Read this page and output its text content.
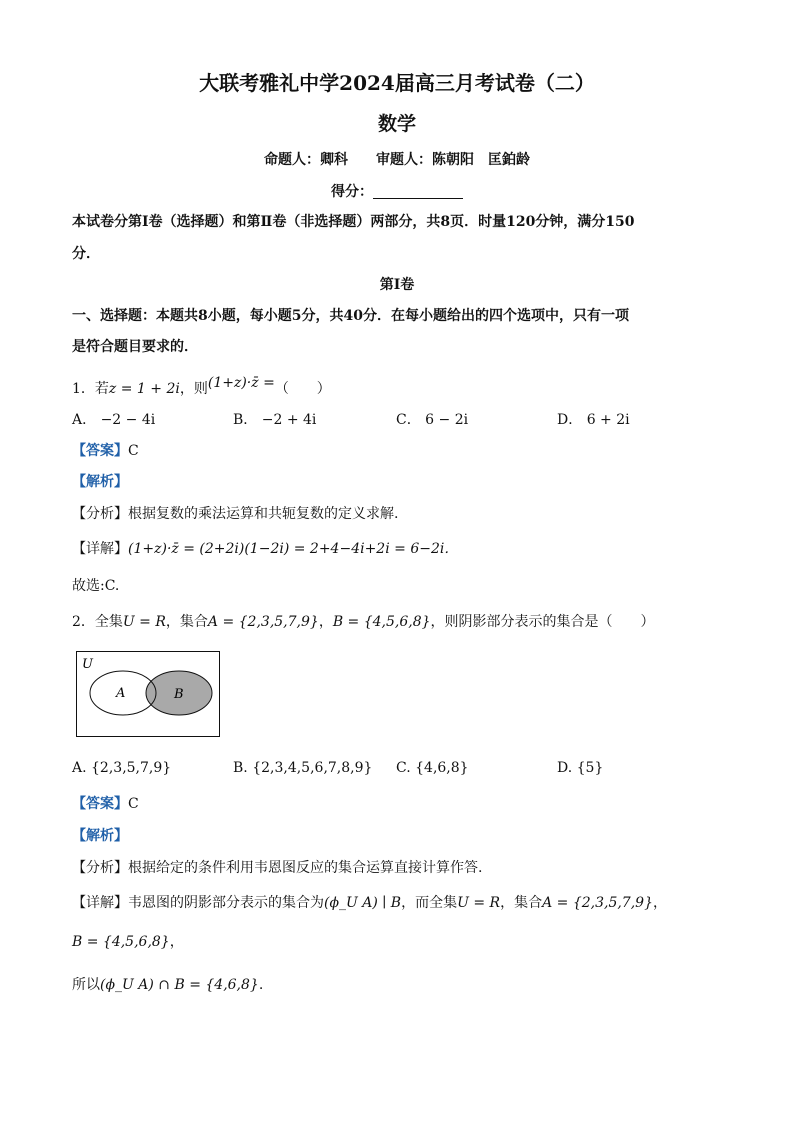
大联考雅礼中学2024届高三月考试卷（二）
数学
命题人：卿科　　审题人：陈朝阳　匡鉑龄
得分：
本试卷分第Ⅰ卷（选择题）和第Ⅱ卷（非选择题）两部分，共8页．时量120分钟，满分150
分．
第Ⅰ卷
一、选择题：本题共8小题，每小题5分，共40分．在每小题给出的四个选项中，只有一项
是符合题目要求的．
1．若z = 1 + 2i，则(1+z)·z̄ =（　　）
A． −2 − 4i	B． −2 + 4i	C． 6 − 2i	D． 6 + 2i
【答案】C
【解析】
【分析】根据复数的乘法运算和共轭复数的定义求解.
【详解】(1+z)·z̄ = (2+2i)(1−2i) = 2+4−4i+2i = 6−2i．
故选:C.
2．全集U = R，集合A = {2,3,5,7,9}，B = {4,5,6,8}，则阴影部分表示的集合是（　　）
U
A	B
A. {2,3,5,7,9}	B. {2,3,4,5,6,7,8,9} C. {4,6,8}	D. {5}
【答案】C
【解析】
【分析】根据给定的条件利用韦恩图反应的集合运算直接计算作答.
【详解】韦恩图的阴影部分表示的集合为(ϕ_U A) ∣ B，而全集U = R，集合A = {2,3,5,7,9}，
B = {4,5,6,8}，
所以(ϕ_U A) ∩ B = {4,6,8}.
